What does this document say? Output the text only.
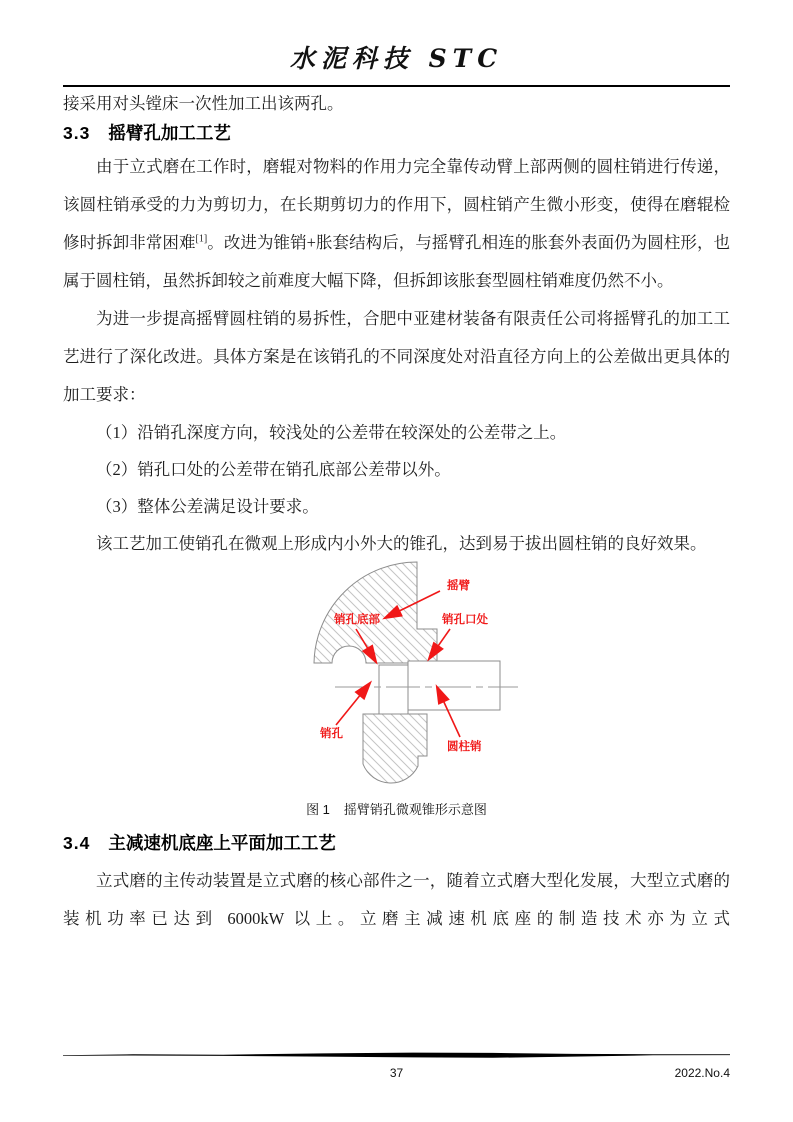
水泥科技 STC

接采用对头镗床一次性加工出该两孔。

3.3 摇臂孔加工工艺

由于立式磨在工作时，磨辊对物料的作用力完全靠传动臂上部两侧的圆柱销进行传递，该圆柱销承受的力为剪切力，在长期剪切力的作用下，圆柱销产生微小形变，使得在磨辊检修时拆卸非常困难[1]。改进为锥销+胀套结构后，与摇臂孔相连的胀套外表面仍为圆柱形，也属于圆柱销，虽然拆卸较之前难度大幅下降，但拆卸该胀套型圆柱销难度仍然不小。

为进一步提高摇臂圆柱销的易拆性，合肥中亚建材装备有限责任公司将摇臂孔的加工工艺进行了深化改进。具体方案是在该销孔的不同深度处对沿直径方向上的公差做出更具体的加工要求：

（1）沿销孔深度方向，较浅处的公差带在较深处的公差带之上。

（2）销孔口处的公差带在销孔底部公差带以外。

（3）整体公差满足设计要求。

该工艺加工使销孔在微观上形成内小外大的锥孔，达到易于拔出圆柱销的良好效果。

摇臂
销孔底部	销孔口处
销孔
圆柱销
图 1 摇臂销孔微观锥形示意图
3.4 主减速机底座上平面加工工艺

立式磨的主传动装置是立式磨的核心部件之一，随着立式磨大型化发展，大型立式磨的装机功率已达到 6000kW 以上。立磨主减速机底座的制造技术亦为立式

37	2022.No.4
